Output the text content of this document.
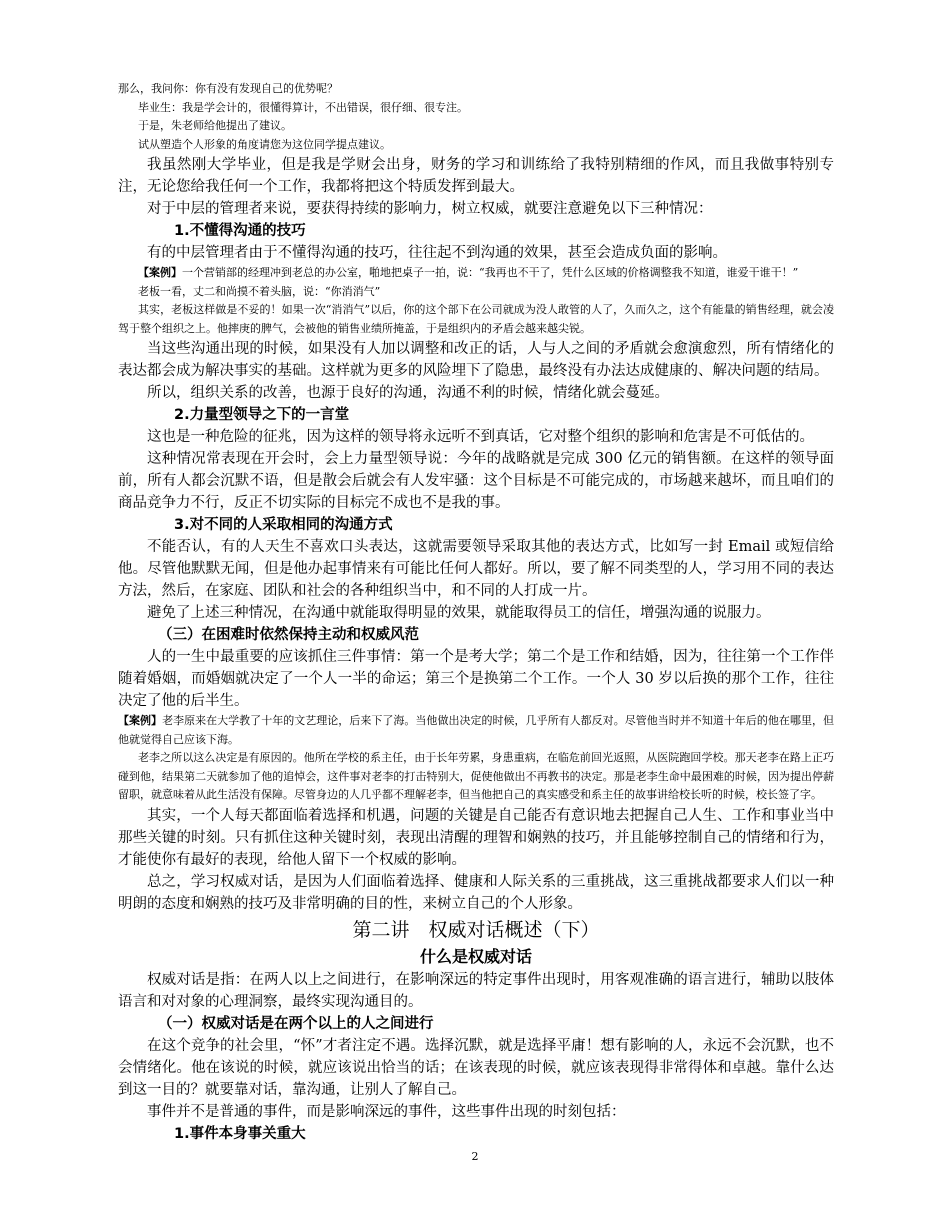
那么，我问你：你有没有发现自己的优势呢？

毕业生：我是学会计的，很懂得算计，不出错误，很仔细、很专注。

于是，朱老师给他提出了建议。

试从塑造个人形象的角度请您为这位同学提点建议。

我虽然刚大学毕业，但是我是学财会出身，财务的学习和训练给了我特别精细的作风，而且我做事特别专注，无论您给我任何一个工作，我都将把这个特质发挥到最大。

对于中层的管理者来说，要获得持续的影响力，树立权威，就要注意避免以下三种情况：

1.不懂得沟通的技巧

有的中层管理者由于不懂得沟通的技巧，往往起不到沟通的效果，甚至会造成负面的影响。

【案例】一个营销部的经理冲到老总的办公室，啪地把桌子一拍，说：“我再也不干了，凭什么区域的价格调整我不知道，谁爱干谁干！”

老板一看，丈二和尚摸不着头脑，说：“你消消气”

其实，老板这样做是不妥的！如果一次“消消气”以后，你的这个部下在公司就成为没人敢管的人了，久而久之，这个有能量的销售经理，就会凌驾于整个组织之上。他摔庚的脾气，会被他的销售业绩所掩盖，于是组织内的矛盾会越来越尖锐。

当这些沟通出现的时候，如果没有人加以调整和改正的话，人与人之间的矛盾就会愈演愈烈，所有情绪化的表达都会成为解决事实的基础。这样就为更多的风险埋下了隐患，最终没有办法达成健康的、解决问题的结局。

所以，组织关系的改善，也源于良好的沟通，沟通不利的时候，情绪化就会蔓延。

2.力量型领导之下的一言堂

这也是一种危险的征兆，因为这样的领导将永远听不到真话，它对整个组织的影响和危害是不可低估的。

这种情况常表现在开会时，会上力量型领导说：今年的战略就是完成 300 亿元的销售额。在这样的领导面前，所有人都会沉默不语，但是散会后就会有人发牢骚：这个目标是不可能完成的，市场越来越坏，而且咱们的商品竞争力不行，反正不切实际的目标完不成也不是我的事。

3.对不同的人采取相同的沟通方式

不能否认，有的人天生不喜欢口头表达，这就需要领导采取其他的表达方式，比如写一封 Email 或短信给他。尽管他默默无闻，但是他办起事情来有可能比任何人都好。所以，要了解不同类型的人，学习用不同的表达方法，然后，在家庭、团队和社会的各种组织当中，和不同的人打成一片。

避免了上述三种情况，在沟通中就能取得明显的效果，就能取得员工的信任，增强沟通的说服力。

（三）在困难时依然保持主动和权威风范

人的一生中最重要的应该抓住三件事情：第一个是考大学；第二个是工作和结婚，因为，往往第一个工作伴随着婚姻，而婚姻就决定了一个人一半的命运；第三个是换第二个工作。一个人 30 岁以后换的那个工作，往往决定了他的后半生。

【案例】老李原来在大学教了十年的文艺理论，后来下了海。当他做出决定的时候，几乎所有人都反对。尽管他当时并不知道十年后的他在哪里，但他就觉得自己应该下海。

老李之所以这么决定是有原因的。他所在学校的系主任，由于长年劳累，身患重病，在临危前回光返照，从医院跑回学校。那天老李在路上正巧碰到他，结果第二天就参加了他的追悼会，这件事对老李的打击特别大，促使他做出不再教书的决定。那是老李生命中最困难的时候，因为提出停薪留职，就意味着从此生活没有保障。尽管身边的人几乎都不理解老李，但当他把自己的真实感受和系主任的故事讲给校长听的时候，校长签了字。

其实，一个人每天都面临着选择和机遇，问题的关键是自己能否有意识地去把握自己人生、工作和事业当中那些关键的时刻。只有抓住这种关键时刻，表现出清醒的理智和娴熟的技巧，并且能够控制自己的情绪和行为，才能使你有最好的表现，给他人留下一个权威的影响。

总之，学习权威对话，是因为人们面临着选择、健康和人际关系的三重挑战，这三重挑战都要求人们以一种明朗的态度和娴熟的技巧及非常明确的目的性，来树立自己的个人形象。

第二讲　权威对话概述（下）

什么是权威对话

权威对话是指：在两人以上之间进行，在影响深远的特定事件出现时，用客观准确的语言进行，辅助以肢体语言和对对象的心理洞察，最终实现沟通目的。

（一）权威对话是在两个以上的人之间进行

在这个竞争的社会里，“怀”才者注定不遇。选择沉默，就是选择平庸！想有影响的人，永远不会沉默，也不会情绪化。他在该说的时候，就应该说出恰当的话；在该表现的时候，就应该表现得非常得体和卓越。靠什么达到这一目的？就要靠对话，靠沟通，让别人了解自己。

事件并不是普通的事件，而是影响深远的事件，这些事件出现的时刻包括：

1.事件本身事关重大

2
